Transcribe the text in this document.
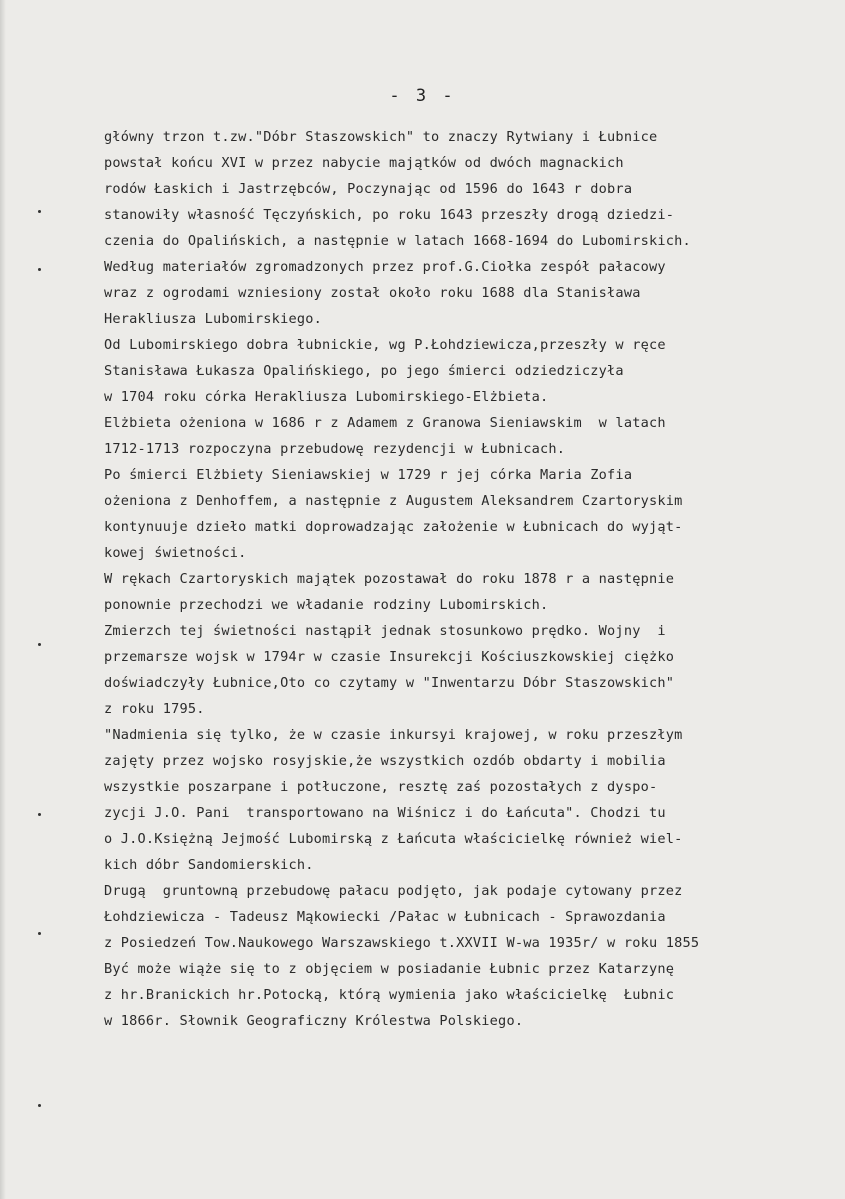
- 3 -
główny trzon t.zw."Dóbr Staszowskich" to znaczy Rytwiany i Łubnice
powstał końcu XVI w przez nabycie majątków od dwóch magnackich
rodów Łaskich i Jastrzębców, Poczynając od 1596 do 1643 r dobra
stanowiły własność Tęczyńskich, po roku 1643 przeszły drogą dziedzi-
czenia do Opalińskich, a następnie w latach 1668-1694 do Lubomirskich.
Według materiałów zgromadzonych przez prof.G.Ciołka zespół pałacowy
wraz z ogrodami wzniesiony został około roku 1688 dla Stanisława
Herakliusza Lubomirskiego.
Od Lubomirskiego dobra łubnickie, wg P.Łohdziewicza,przeszły w ręce
Stanisława Łukasza Opalińskiego, po jego śmierci odziedziczyła
w 1704 roku córka Herakliusza Lubomirskiego-Elżbieta.
Elżbieta ożeniona w 1686 r z Adamem z Granowa Sieniawskim  w latach
1712-1713 rozpoczyna przebudowę rezydencji w Łubnicach.
Po śmierci Elżbiety Sieniawskiej w 1729 r jej córka Maria Zofia
ożeniona z Denhoffem, a następnie z Augustem Aleksandrem Czartoryskim
kontynuuje dzieło matki doprowadzając założenie w Łubnicach do wyjąt-
kowej świetności.
W rękach Czartoryskich majątek pozostawał do roku 1878 r a następnie
ponownie przechodzi we władanie rodziny Lubomirskich.
Zmierzch tej świetności nastąpił jednak stosunkowo prędko. Wojny  i
przemarsze wojsk w 1794r w czasie Insurekcji Kościuszkowskiej ciężko
doświadczyły Łubnice,Oto co czytamy w "Inwentarzu Dóbr Staszowskich"
z roku 1795.
"Nadmienia się tylko, że w czasie inkursyi krajowej, w roku przeszłym
zajęty przez wojsko rosyjskie,że wszystkich ozdób obdarty i mobilia
wszystkie poszarpane i potłuczone, resztę zaś pozostałych z dyspo-
zycji J.O. Pani  transportowano na Wiśnicz i do Łańcuta". Chodzi tu
o J.O.Księżną Jejmość Lubomirską z Łańcuta właścicielkę również wiel-
kich dóbr Sandomierskich.
Drugą  gruntowną przebudowę pałacu podjęto, jak podaje cytowany przez
Łohdziewicza - Tadeusz Mąkowiecki /Pałac w Łubnicach - Sprawozdania
z Posiedzeń Tow.Naukowego Warszawskiego t.XXVII W-wa 1935r/ w roku 1855
Być może wiąże się to z objęciem w posiadanie Łubnic przez Katarzynę
z hr.Branickich hr.Potocką, którą wymienia jako właścicielkę  Łubnic
w 1866r. Słownik Geograficzny Królestwa Polskiego.
